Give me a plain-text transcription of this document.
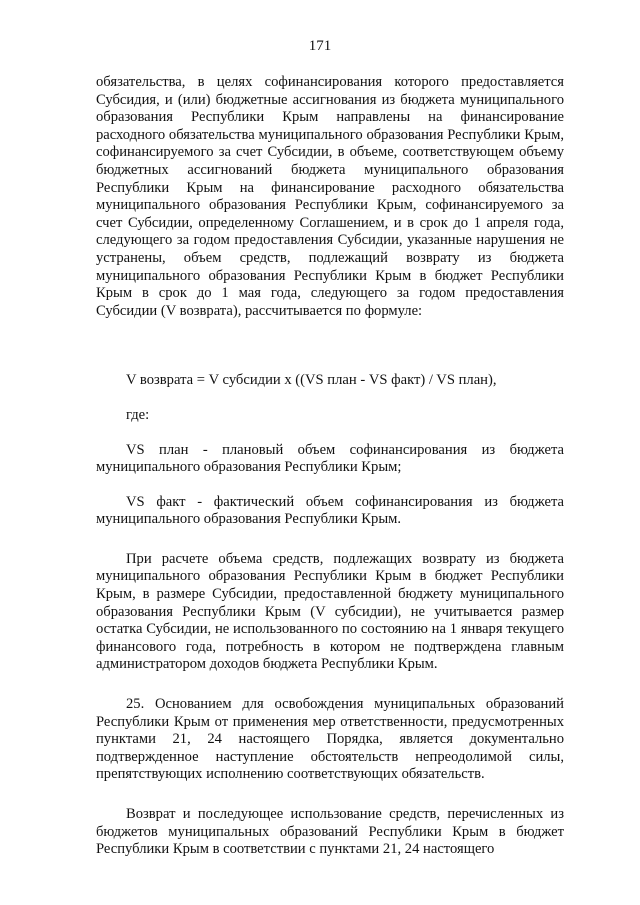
171

обязательства, в целях софинансирования которого предоставляется Субсидия, и (или) бюджетные ассигнования из бюджета муниципального образования Республики Крым направлены на финансирование расходного обязательства муниципального образования Республики Крым, софинансируемого за счет Субсидии, в объеме, соответствующем объему бюджетных ассигнований бюджета муниципального образования Республики Крым на финансирование расходного обязательства муниципального образования Республики Крым, софинансируемого за счет Субсидии, определенному Соглашением, и в срок до 1 апреля года, следующего за годом предоставления Субсидии, указанные нарушения не устранены, объем средств, подлежащий возврату из бюджета муниципального образования Республики Крым в бюджет Республики Крым в срок до 1 мая года, следующего за годом предоставления Субсидии (V возврата), рассчитывается по формуле:

V возврата = V субсидии x ((VS план - VS факт) / VS план),

где:

VS план - плановый объем софинансирования из бюджета муниципального образования Республики Крым;

VS факт - фактический объем софинансирования из бюджета муниципального образования Республики Крым.

При расчете объема средств, подлежащих возврату из бюджета муниципального образования Республики Крым в бюджет Республики Крым, в размере Субсидии, предоставленной бюджету муниципального образования Республики Крым (V субсидии), не учитывается размер остатка Субсидии, не использованного по состоянию на 1 января текущего финансового года, потребность в котором не подтверждена главным администратором доходов бюджета Республики Крым.

25. Основанием для освобождения муниципальных образований Республики Крым от применения мер ответственности, предусмотренных пунктами 21, 24 настоящего Порядка, является документально подтвержденное наступление обстоятельств непреодолимой силы, препятствующих исполнению соответствующих обязательств.

Возврат и последующее использование средств, перечисленных из бюджетов муниципальных образований Республики Крым в бюджет Республики Крым в соответствии с пунктами 21, 24 настоящего
